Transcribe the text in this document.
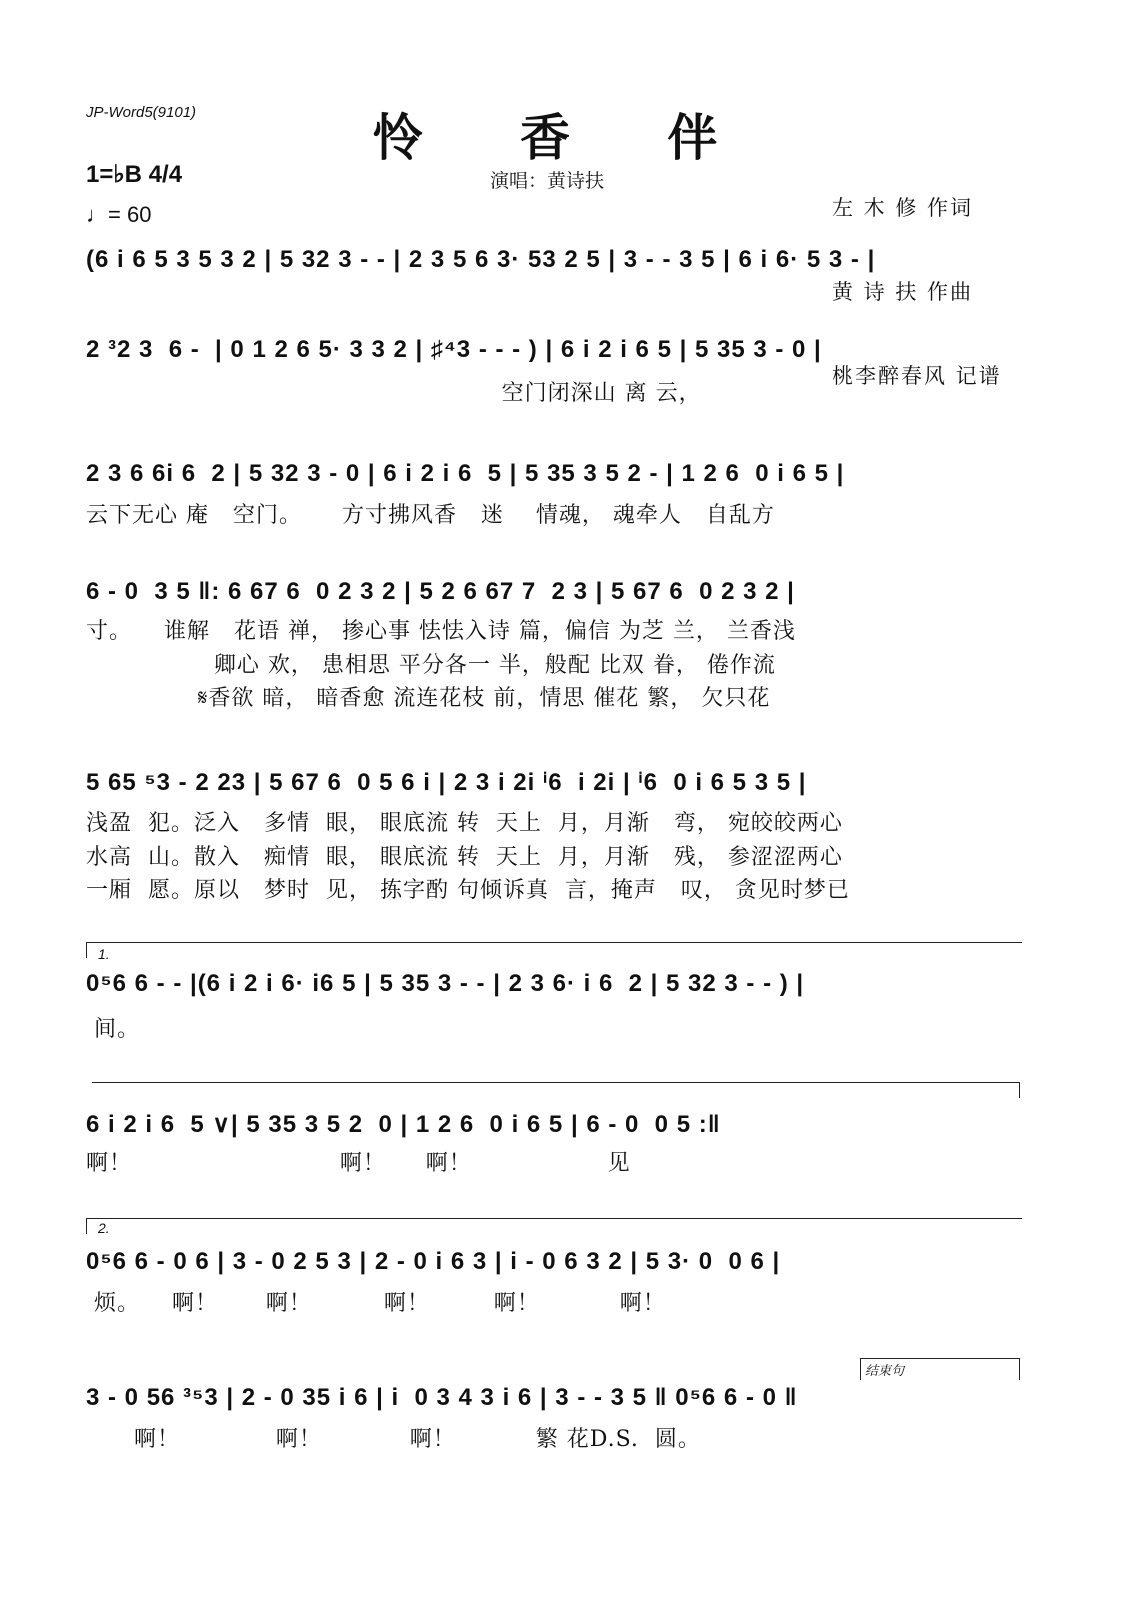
JP-Word5(9101)	怜 香 伴
演唱：黄诗扶
1=♭B 4/4
♩= 60

	左 木 修 作词

黄 诗 扶 作曲

桃李醉春风 记谱

(6 i 6 5 3 5 3 2 | 5 32 3 - - | 2 3 5 6 3· 53 2 5 | 3 - - 3 5 | 6 i 6· 5 3 - |
2 ³2 3  6 -  | 0 1 2 6 5· 3 3 2 | ♯⁴3 - - - ) | 6 i 2 i 6 5 | 5 35 3 - 0 |
空门闭深山 离 云，
2 3 6 6i 6  2 | 5 32 3 - 0 | 6 i 2 i 6  5 | 5 35 3 5 2 - | 1 2 6  0 i 6 5 |
云下无心 庵   空门。     方寸拂风香   迷    情魂， 魂牵人   自乱方
6 - 0  3 5 ‖: 6 67 6  0 2 3 2 | 5 2 6 67 7  2 3 | 5 67 6  0 2 3 2 |
寸。    谁解   花语 禅， 掺心事 怯怯入诗 篇，偏信 为芝 兰， 兰香浅
卿心 欢， 患相思 平分各一 半，般配 比双 眷， 倦作流
𝄋香欲 暗， 暗香愈 流连花枝 前，情思 催花 繁， 欠只花
5 65 ⁵3 - 2 23 | 5 67 6  0 5 6 i | 2 3 i 2i ⁱ6  i 2i | ⁱ6  0 i 6 5 3 5 |
浅盈  犯。泛入   多情  眼， 眼底流 转  天上  月，月渐   弯， 宛皎皎两心
水高  山。散入   痴情  眼， 眼底流 转  天上  月，月渐   残， 参涩涩两心
一厢  愿。原以   梦时  见， 拣字酌 句倾诉真  言，掩声   叹， 贪见时梦已
1.
0⁵6 6 - - |(6 i 2 i 6· i6 5 | 5 35 3 - - | 2 3 6· i 6  2 | 5 32 3 - - ) |
间。
6 i 2 i 6  5 ∨| 5 35 3 5 2  0 | 1 2 6  0 i 6 5 | 6 - 0  0 5 :‖
啊！                          啊！     啊！                 见
2.
0⁵6 6 - 0 6 | 3 - 0 2 5 3 | 2 - 0 i 6 3 | i - 0 6 3 2 | 5 3· 0  0 6 |
烦。    啊！      啊！         啊！        啊！          啊！
结束句
3 - 0 56 ³⁵3 | 2 - 0 35 i 6 | i  0 3 4 3 i 6 | 3 - - 3 5 ‖ 0⁵6 6 - 0 ‖
啊！            啊！           啊！          繁 花D.S.  圆。
